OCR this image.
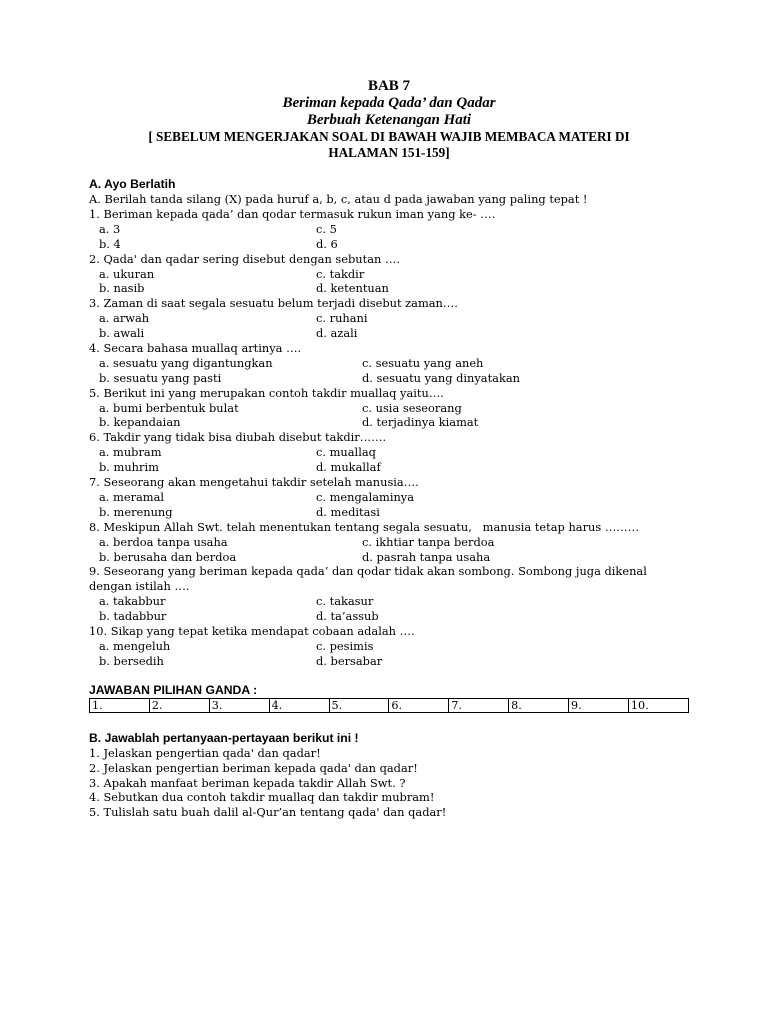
BAB 7
Beriman kepada Qada’ dan Qadar
Berbuah Ketenangan Hati
[ SEBELUM MENGERJAKAN SOAL DI BAWAH WAJIB MEMBACA MATERI DI
HALAMAN 151-159]
A. Ayo Berlatih
A. Berilah tanda silang (X) pada huruf a, b, c, atau d pada jawaban yang paling tepat !
1. Beriman kepada qada’ dan qodar termasuk rukun iman yang ke- ….
a. 3	c. 5
b. 4	d. 6
2. Qada' dan qadar sering disebut dengan sebutan ….
a. ukuran	c. takdir
b. nasib	d. ketentuan
3. Zaman di saat segala sesuatu belum terjadi disebut zaman….
a. arwah	c. ruhani
b. awali	d. azali
4. Secara bahasa muallaq artinya ….
a. sesuatu yang digantungkan	c. sesuatu yang aneh
b. sesuatu yang pasti	d. sesuatu yang dinyatakan
5. Berikut ini yang merupakan contoh takdir muallaq yaitu….
a. bumi berbentuk bulat	c. usia seseorang
b. kepandaian	d. terjadinya kiamat
6. Takdir yang tidak bisa diubah disebut takdir…….
a. mubram	c. muallaq
b. muhrim	d. mukallaf
7. Seseorang akan mengetahui takdir setelah manusia….
a. meramal	c. mengalaminya
b. merenung	d. meditasi
8. Meskipun Allah Swt. telah menentukan tentang segala sesuatu,   manusia tetap harus ………
a. berdoa tanpa usaha	c. ikhtiar tanpa berdoa
b. berusaha dan berdoa	d. pasrah tanpa usaha
9. Seseorang yang beriman kepada qada’ dan qodar tidak akan sombong. Sombong juga dikenal dengan istilah ….
a. takabbur	c. takasur
b. tadabbur	d. ta’assub
10. Sikap yang tepat ketika mendapat cobaan adalah ….
a. mengeluh	c. pesimis
b. bersedih	d. bersabar
JAWABAN PILIHAN GANDA :
1.	2.	3.	4.	5.	6.	7.	8.	9.	10.
B. Jawablah pertanyaan-pertayaan berikut ini !
1. Jelaskan pengertian qada' dan qadar!
2. Jelaskan pengertian beriman kepada qada' dan qadar!
3. Apakah manfaat beriman kepada takdir Allah Swt. ?
4. Sebutkan dua contoh takdir muallaq dan takdir mubram!
5. Tulislah satu buah dalil al-Qur’an tentang qada' dan qadar!
